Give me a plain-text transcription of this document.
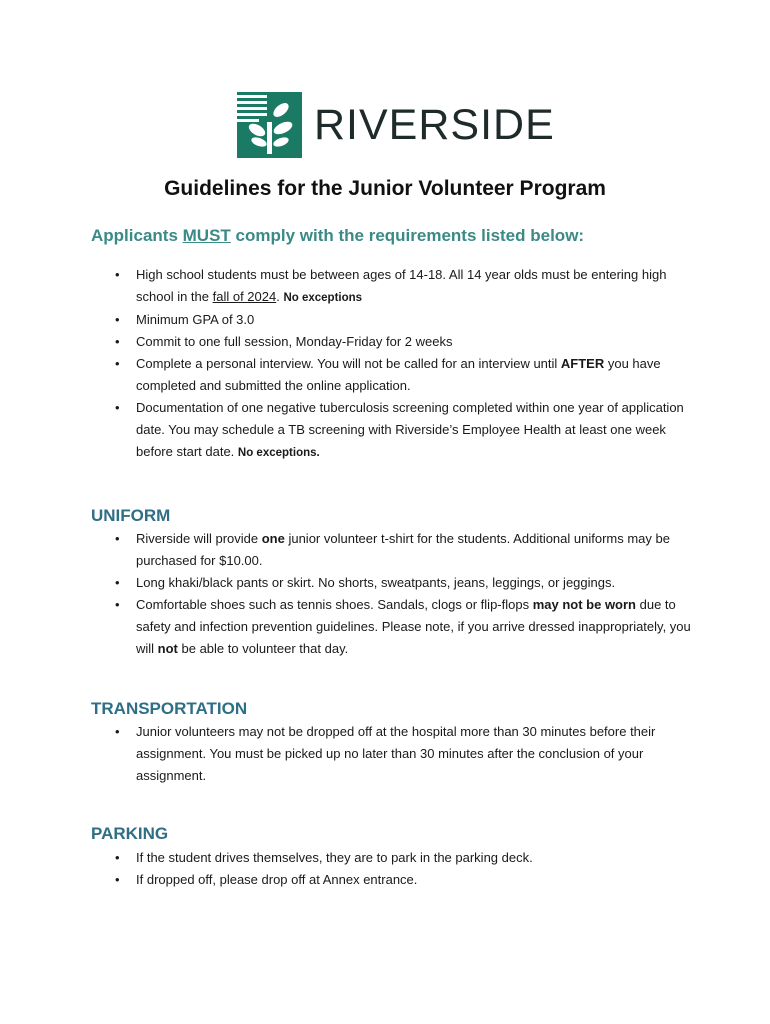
RIVERSIDE
Guidelines for the Junior Volunteer Program
Applicants MUST comply with the requirements listed below:
• High school students must be between ages of 14-18. All 14 year olds must be entering high school in the fall of 2024. No exceptions
• Minimum GPA of 3.0
• Commit to one full session, Monday-Friday for 2 weeks
• Complete a personal interview. You will not be called for an interview until AFTER you have completed and submitted the online application.
• Documentation of one negative tuberculosis screening completed within one year of application date. You may schedule a TB screening with Riverside’s Employee Health at least one week before start date. No exceptions.
UNIFORM
• Riverside will provide one junior volunteer t-shirt for the students. Additional uniforms may be purchased for $10.00.
• Long khaki/black pants or skirt. No shorts, sweatpants, jeans, leggings, or jeggings.
• Comfortable shoes such as tennis shoes. Sandals, clogs or flip-flops may not be worn due to safety and infection prevention guidelines. Please note, if you arrive dressed inappropriately, you will not be able to volunteer that day.
TRANSPORTATION
• Junior volunteers may not be dropped off at the hospital more than 30 minutes before their assignment. You must be picked up no later than 30 minutes after the conclusion of your assignment.
PARKING
• If the student drives themselves, they are to park in the parking deck.
• If dropped off, please drop off at Annex entrance.
